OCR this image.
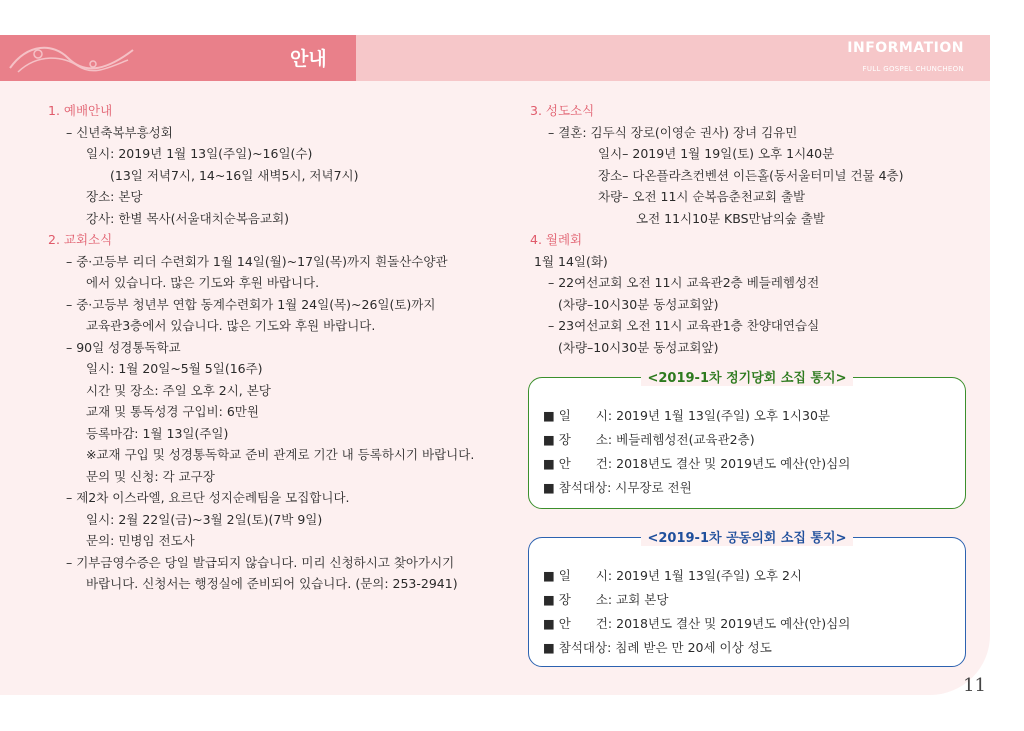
안내	INFORMATION
FULL GOSPEL CHUNCHEON

1. 예배안내

– 신년축복부흥성회

일시: 2019년 1월 13일(주일)~16일(수)

(13일 저녁7시, 14~16일 새벽5시, 저녁7시)

장소: 본당

강사: 한별 목사(서울대치순복음교회)

2. 교회소식

– 중·고등부 리더 수련회가 1월 14일(월)~17일(목)까지 흰돌산수양관

에서 있습니다. 많은 기도와 후원 바랍니다.

– 중·고등부 청년부 연합 동계수련회가 1월 24일(목)~26일(토)까지

교육관3층에서 있습니다. 많은 기도와 후원 바랍니다.

– 90일 성경통독학교

일시: 1월 20일~5월 5일(16주)

시간 및 장소: 주일 오후 2시, 본당

교재 및 통독성경 구입비: 6만원

등록마감: 1월 13일(주일)

※교재 구입 및 성경통독학교 준비 관계로 기간 내 등록하시기 바랍니다.

문의 및 신청: 각 교구장

– 제2차 이스라엘, 요르단 성지순례팀을 모집합니다.

일시: 2월 22일(금)~3월 2일(토)(7박 9일)

문의: 민병임 전도사

– 기부금영수증은 당일 발급되지 않습니다. 미리 신청하시고 찾아가시기

바랍니다. 신청서는 행정실에 준비되어 있습니다. (문의: 253-2941)

3. 성도소식

– 결혼: 김두식 장로(이영순 권사) 장녀 김유민

일시– 2019년 1월 19일(토) 오후 1시40분

장소– 다온플라츠컨벤션 이든홀(동서울터미널 건물 4층)

차량– 오전 11시 순복음춘천교회 출발

오전 11시10분 KBS만남의숲 출발

4. 월례회

1월 14일(화)

– 22여선교회 오전 11시 교육관2층 베들레헴성전

(차량–10시30분 동성교회앞)

– 23여선교회 오전 11시 교육관1층 찬양대연습실

(차량–10시30분 동성교회앞)

<2019-1차 정기당회 소집 통지>

■ 일　　시: 2019년 1월 13일(주일) 오후 1시30분

■ 장　　소: 베들레헴성전(교육관2층)

■ 안　　건: 2018년도 결산 및 2019년도 예산(안)심의

■ 참석대상: 시무장로 전원

<2019-1차 공동의회 소집 통지>

■ 일　　시: 2019년 1월 13일(주일) 오후 2시

■ 장　　소: 교회 본당

■ 안　　건: 2018년도 결산 및 2019년도 예산(안)심의

■ 참석대상: 침례 받은 만 20세 이상 성도

11
